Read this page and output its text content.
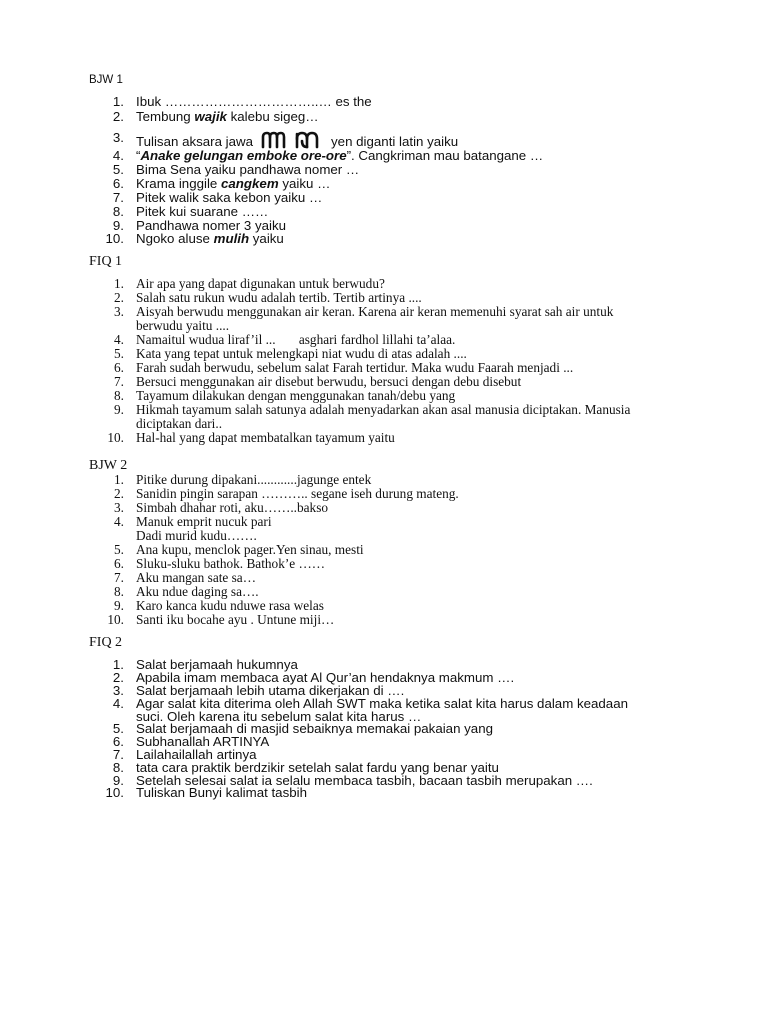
BJW 1
1. Ibuk ……………………………..… es the
2. Tembung wajik kalebu sigeg…
3. Tulisan aksara jawa	yen diganti latin yaiku
4. “Anake gelungan emboke ore-ore”. Cangkriman mau batangane …
5. Bima Sena yaiku pandhawa nomer …
6. Krama inggile cangkem yaiku …
7. Pitek walik saka kebon yaiku …
8. Pitek kui suarane ……
9. Pandhawa nomer 3 yaiku
10. Ngoko aluse mulih yaiku
FIQ 1
1. Air apa yang dapat digunakan untuk berwudu?
2. Salah satu rukun wudu adalah tertib. Tertib artinya ....
3. Aisyah berwudu menggunakan air keran. Karena air keran memenuhi syarat sah air untuk berwudu yaitu ....
4. Namaitul wudua liraf’il ...       asghari fardhol lillahi ta’alaa.
5. Kata yang tepat untuk melengkapi niat wudu di atas adalah ....
6. Farah sudah berwudu, sebelum salat Farah tertidur. Maka wudu Faarah menjadi ...
7. Bersuci menggunakan air disebut berwudu, bersuci dengan debu disebut
8. Tayamum dilakukan dengan menggunakan tanah/debu yang
9. Hikmah tayamum salah satunya adalah menyadarkan akan asal manusia diciptakan. Manusia diciptakan dari..
10. Hal-hal yang dapat membatalkan tayamum yaitu
BJW 2
1. Pitike durung dipakani............jagunge entek
2. Sanidin pingin sarapan ……….. segane iseh durung mateng.
3. Simbah dhahar roti, aku……..bakso
4. Manuk emprit nucuk pari
Dadi murid kudu…….
5. Ana kupu, menclok pager.Yen sinau, mesti
6. Sluku-sluku bathok. Bathok’e ……
7. Aku mangan sate sa…
8. Aku ndue daging sa….
9. Karo kanca kudu nduwe rasa welas
10. Santi iku bocahe ayu . Untune miji…
FIQ 2
1. Salat berjamaah hukumnya
2. Apabila imam membaca ayat Al Qur’an hendaknya makmum ….
3. Salat berjamaah lebih utama dikerjakan di ….
4. Agar salat kita diterima oleh Allah SWT maka ketika salat kita harus dalam keadaan
suci. Oleh karena itu sebelum salat kita harus …
5. Salat berjamaah di masjid sebaiknya memakai pakaian yang
6. Subhanallah ARTINYA
7. Lailahailallah artinya
8. tata cara praktik berdzikir setelah salat fardu yang benar yaitu
9. Setelah selesai salat ia selalu membaca tasbih, bacaan tasbih merupakan ….
10. Tuliskan Bunyi kalimat tasbih
